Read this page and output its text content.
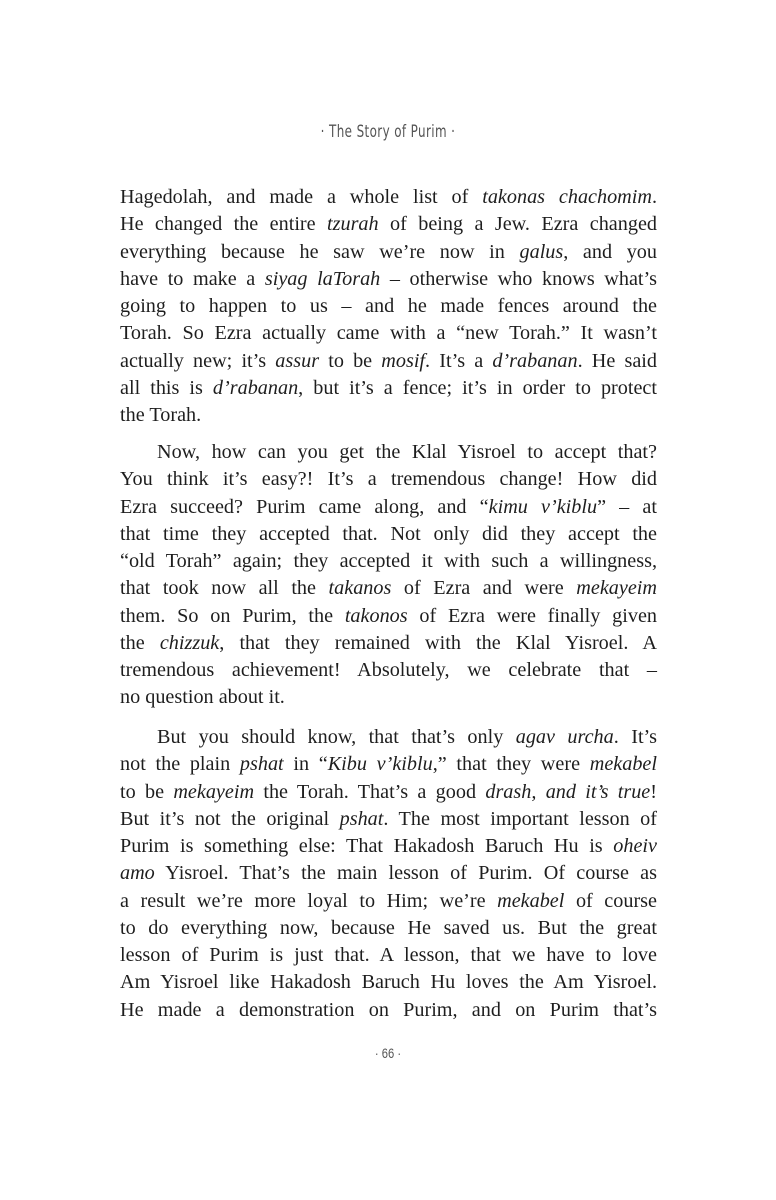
· The Story of Purim ·
Hagedolah, and made a whole list of takonas chachomim.
He changed the entire tzurah of being a Jew. Ezra changed
everything because he saw we’re now in galus, and you
have to make a siyag laTorah – otherwise who knows what’s
going to happen to us – and he made fences around the
Torah. So Ezra actually came with a “new Torah.” It wasn’t
actually new; it’s assur to be mosif. It’s a d’rabanan. He said
all this is d’rabanan, but it’s a fence; it’s in order to protect
the Torah.
Now, how can you get the Klal Yisroel to accept that?
You think it’s easy?! It’s a tremendous change! How did
Ezra succeed? Purim came along, and “kimu v’kiblu” – at
that time they accepted that. Not only did they accept the
“old Torah” again; they accepted it with such a willingness,
that took now all the takanos of Ezra and were mekayeim
them. So on Purim, the takonos of Ezra were finally given
the chizzuk, that they remained with the Klal Yisroel. A
tremendous achievement! Absolutely, we celebrate that –
no question about it.
But you should know, that that’s only agav urcha. It’s
not the plain pshat in “Kibu v’kiblu,” that they were mekabel
to be mekayeim the Torah. That’s a good drash, and it’s true!
But it’s not the original pshat. The most important lesson of
Purim is something else: That Hakadosh Baruch Hu is oheiv
amo Yisroel. That’s the main lesson of Purim. Of course as
a result we’re more loyal to Him; we’re mekabel of course
to do everything now, because He saved us. But the great
lesson of Purim is just that. A lesson, that we have to love
Am Yisroel like Hakadosh Baruch Hu loves the Am Yisroel.
He made a demonstration on Purim, and on Purim that’s
· 66 ·
